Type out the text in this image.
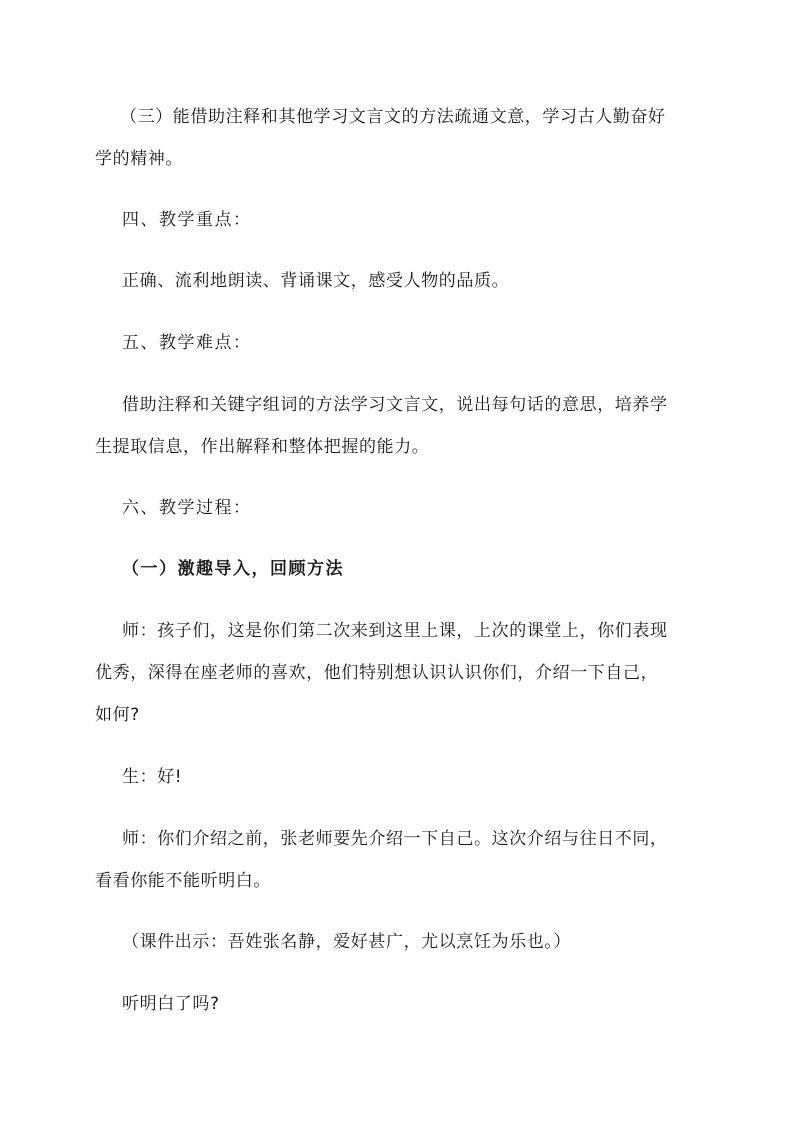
（三）能借助注释和其他学习文言文的方法疏通文意，学习古人勤奋好
学的精神。
四、教学重点：
正确、流利地朗读、背诵课文，感受人物的品质。
五、教学难点：
借助注释和关键字组词的方法学习文言文，说出每句话的意思，培养学
生提取信息，作出解释和整体把握的能力。
六、教学过程：
（一）激趣导入，回顾方法
师：孩子们，这是你们第二次来到这里上课，上次的课堂上，你们表现
优秀，深得在座老师的喜欢，他们特别想认识认识你们，介绍一下自己，
如何?
生：好!
师：你们介绍之前，张老师要先介绍一下自己。这次介绍与往日不同，
看看你能不能听明白。
（课件出示：吾姓张名静，爱好甚广，尤以烹饪为乐也。）
听明白了吗?
